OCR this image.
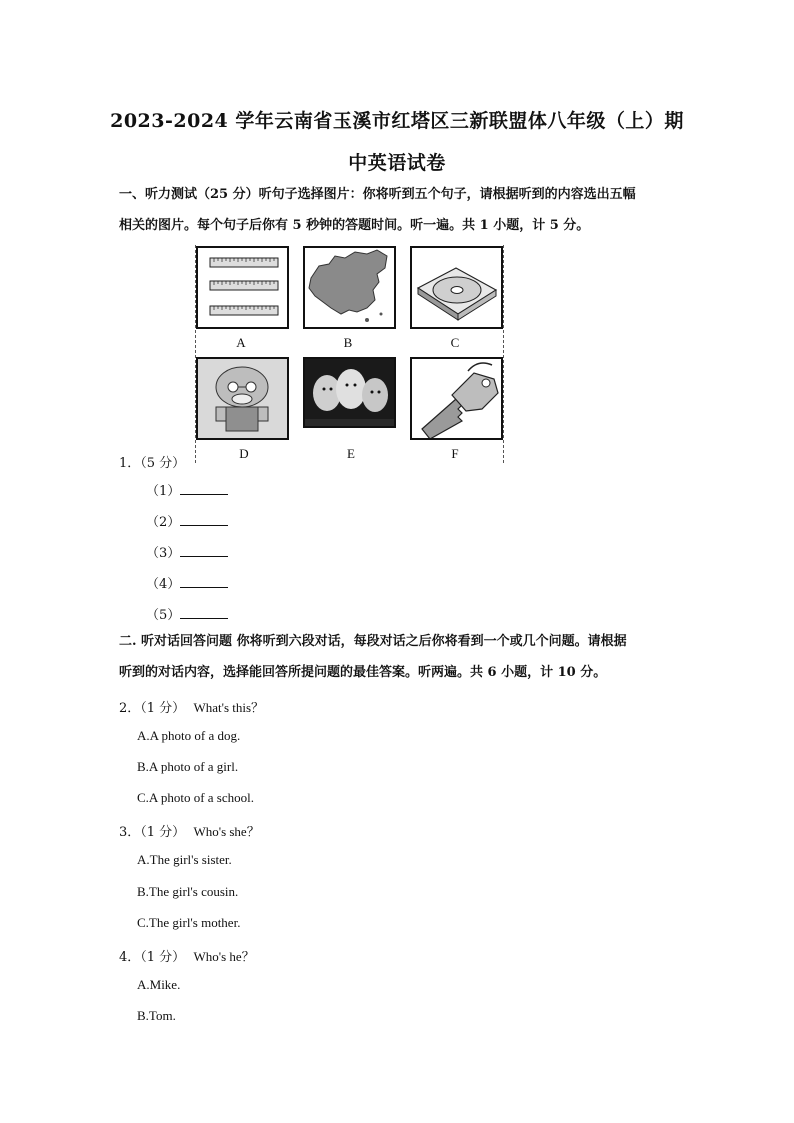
2023-2024 学年云南省玉溪市红塔区三新联盟体八年级（上）期
中英语试卷
一、听力测试（25 分）听句子选择图片：你将听到五个句子，请根据听到的内容选出五幅
相关的图片。每个句子后你有 5 秒钟的答题时间。听一遍。共 1 小题，计 5 分。
A	B	C
D	E	F
1．（5 分）
（1）
（2）
（3）
（4）
（5）
二. 听对话回答问题 你将听到六段对话，每段对话之后你将看到一个或几个问题。请根据
听到的对话内容，选择能回答所提问题的最佳答案。听两遍。共 6 小题，计 10 分。
2．（1 分） What's this？
A.A photo of a dog.
B.A photo of a girl.
C.A photo of a school.
3．（1 分） Who's she？
A.The girl's sister.
B.The girl's cousin.
C.The girl's mother.
4．（1 分） Who's he？
A.Mike.
B.Tom.
